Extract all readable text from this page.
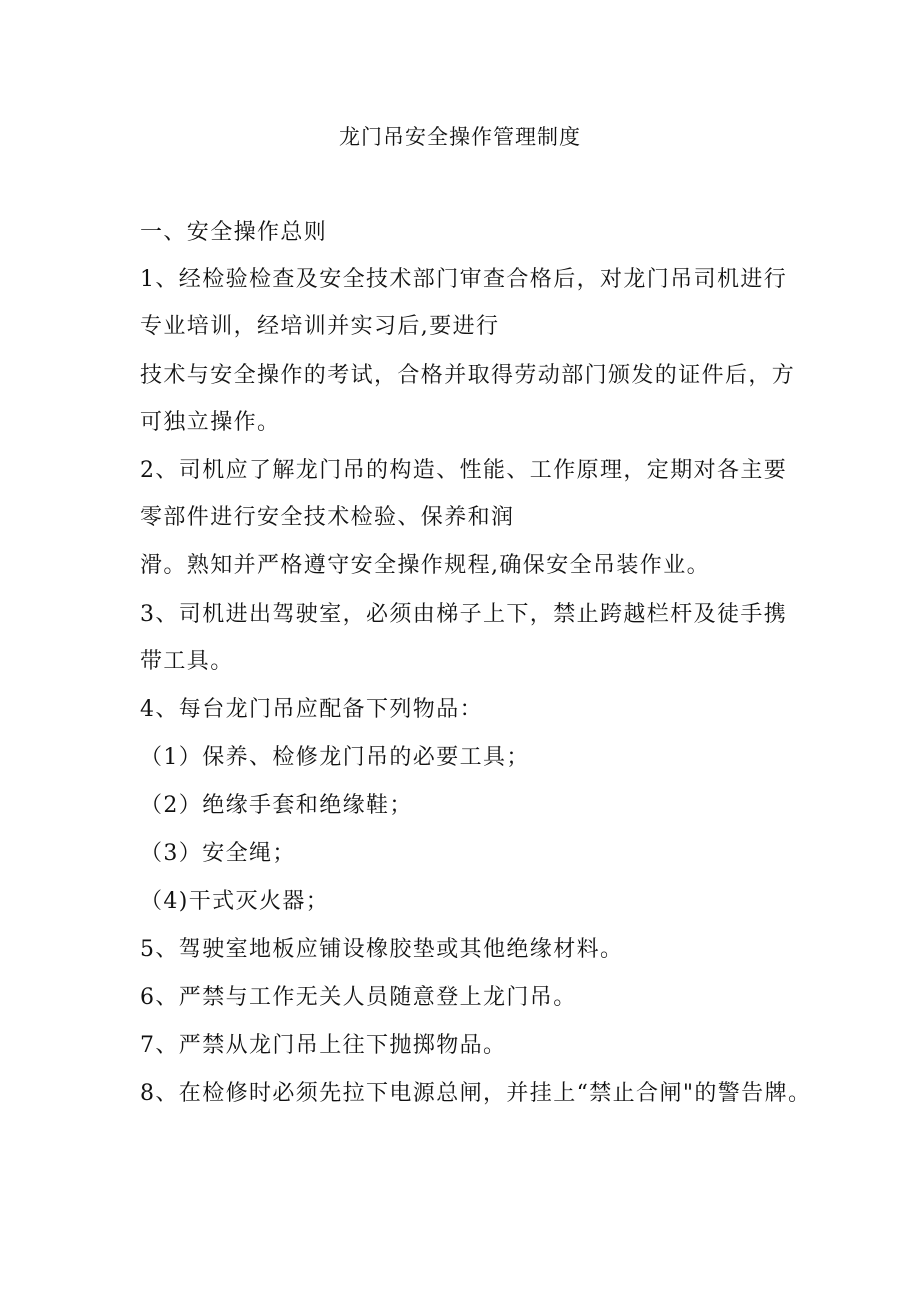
龙门吊安全操作管理制度
一、安全操作总则
1、经检验检查及安全技术部门审查合格后，对龙门吊司机进行
专业培训，经培训并实习后,要进行
技术与安全操作的考试，合格并取得劳动部门颁发的证件后，方
可独立操作。
2、司机应了解龙门吊的构造、性能、工作原理，定期对各主要
零部件进行安全技术检验、保养和润
滑。熟知并严格遵守安全操作规程,确保安全吊装作业。
3、司机进出驾驶室，必须由梯子上下，禁止跨越栏杆及徒手携
带工具。
4、每台龙门吊应配备下列物品：
（1）保养、检修龙门吊的必要工具；
（2）绝缘手套和绝缘鞋；
（3）安全绳；
（4)干式灭火器；
5、驾驶室地板应铺设橡胶垫或其他绝缘材料。
6、严禁与工作无关人员随意登上龙门吊。
7、严禁从龙门吊上往下抛掷物品。
8、在检修时必须先拉下电源总闸，并挂上“禁止合闸"的警告牌。
